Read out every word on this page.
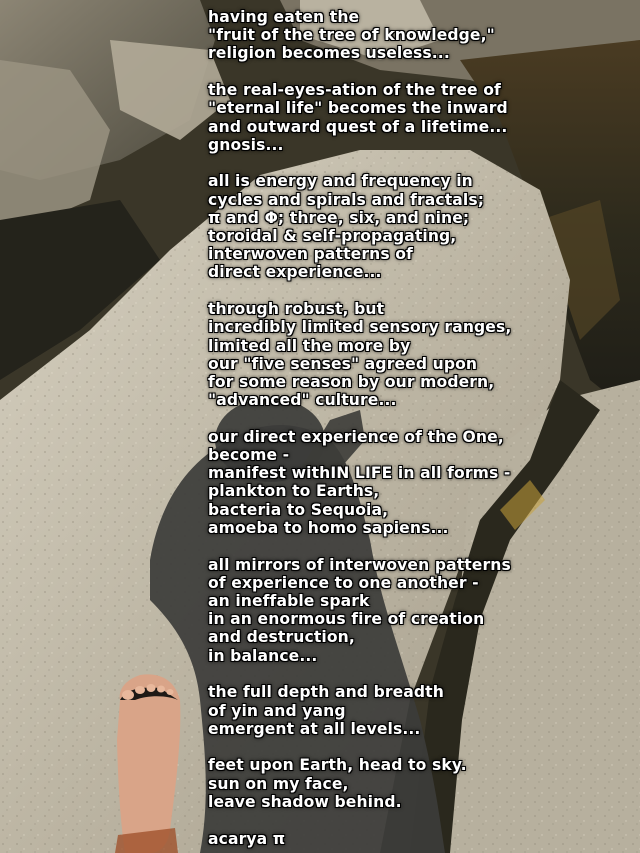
having eaten the
"fruit of the tree of knowledge,"
religion becomes useless...
the real-eyes-ation of the tree of
"eternal life" becomes the inward
and outward quest of a lifetime...
gnosis...
all is energy and frequency in
cycles and spirals and fractals;
π and Φ; three, six, and nine;
toroidal & self-propagating,
interwoven patterns of
direct experience...
through robust, but
incredibly limited sensory ranges,
limited all the more by
our "five senses" agreed upon
for some reason by our modern,
"advanced" culture...
our direct experience of the One,
become -
manifest withIN LIFE in all forms -
plankton to Earths,
bacteria to Sequoia,
amoeba to homo sapiens...
all mirrors of interwoven patterns
of experience to one another -
an ineffable spark
in an enormous fire of creation
and destruction,
in balance...
the full depth and breadth
of yin and yang
emergent at all levels...
feet upon Earth, head to sky.
sun on my face,
leave shadow behind.
acarya π
